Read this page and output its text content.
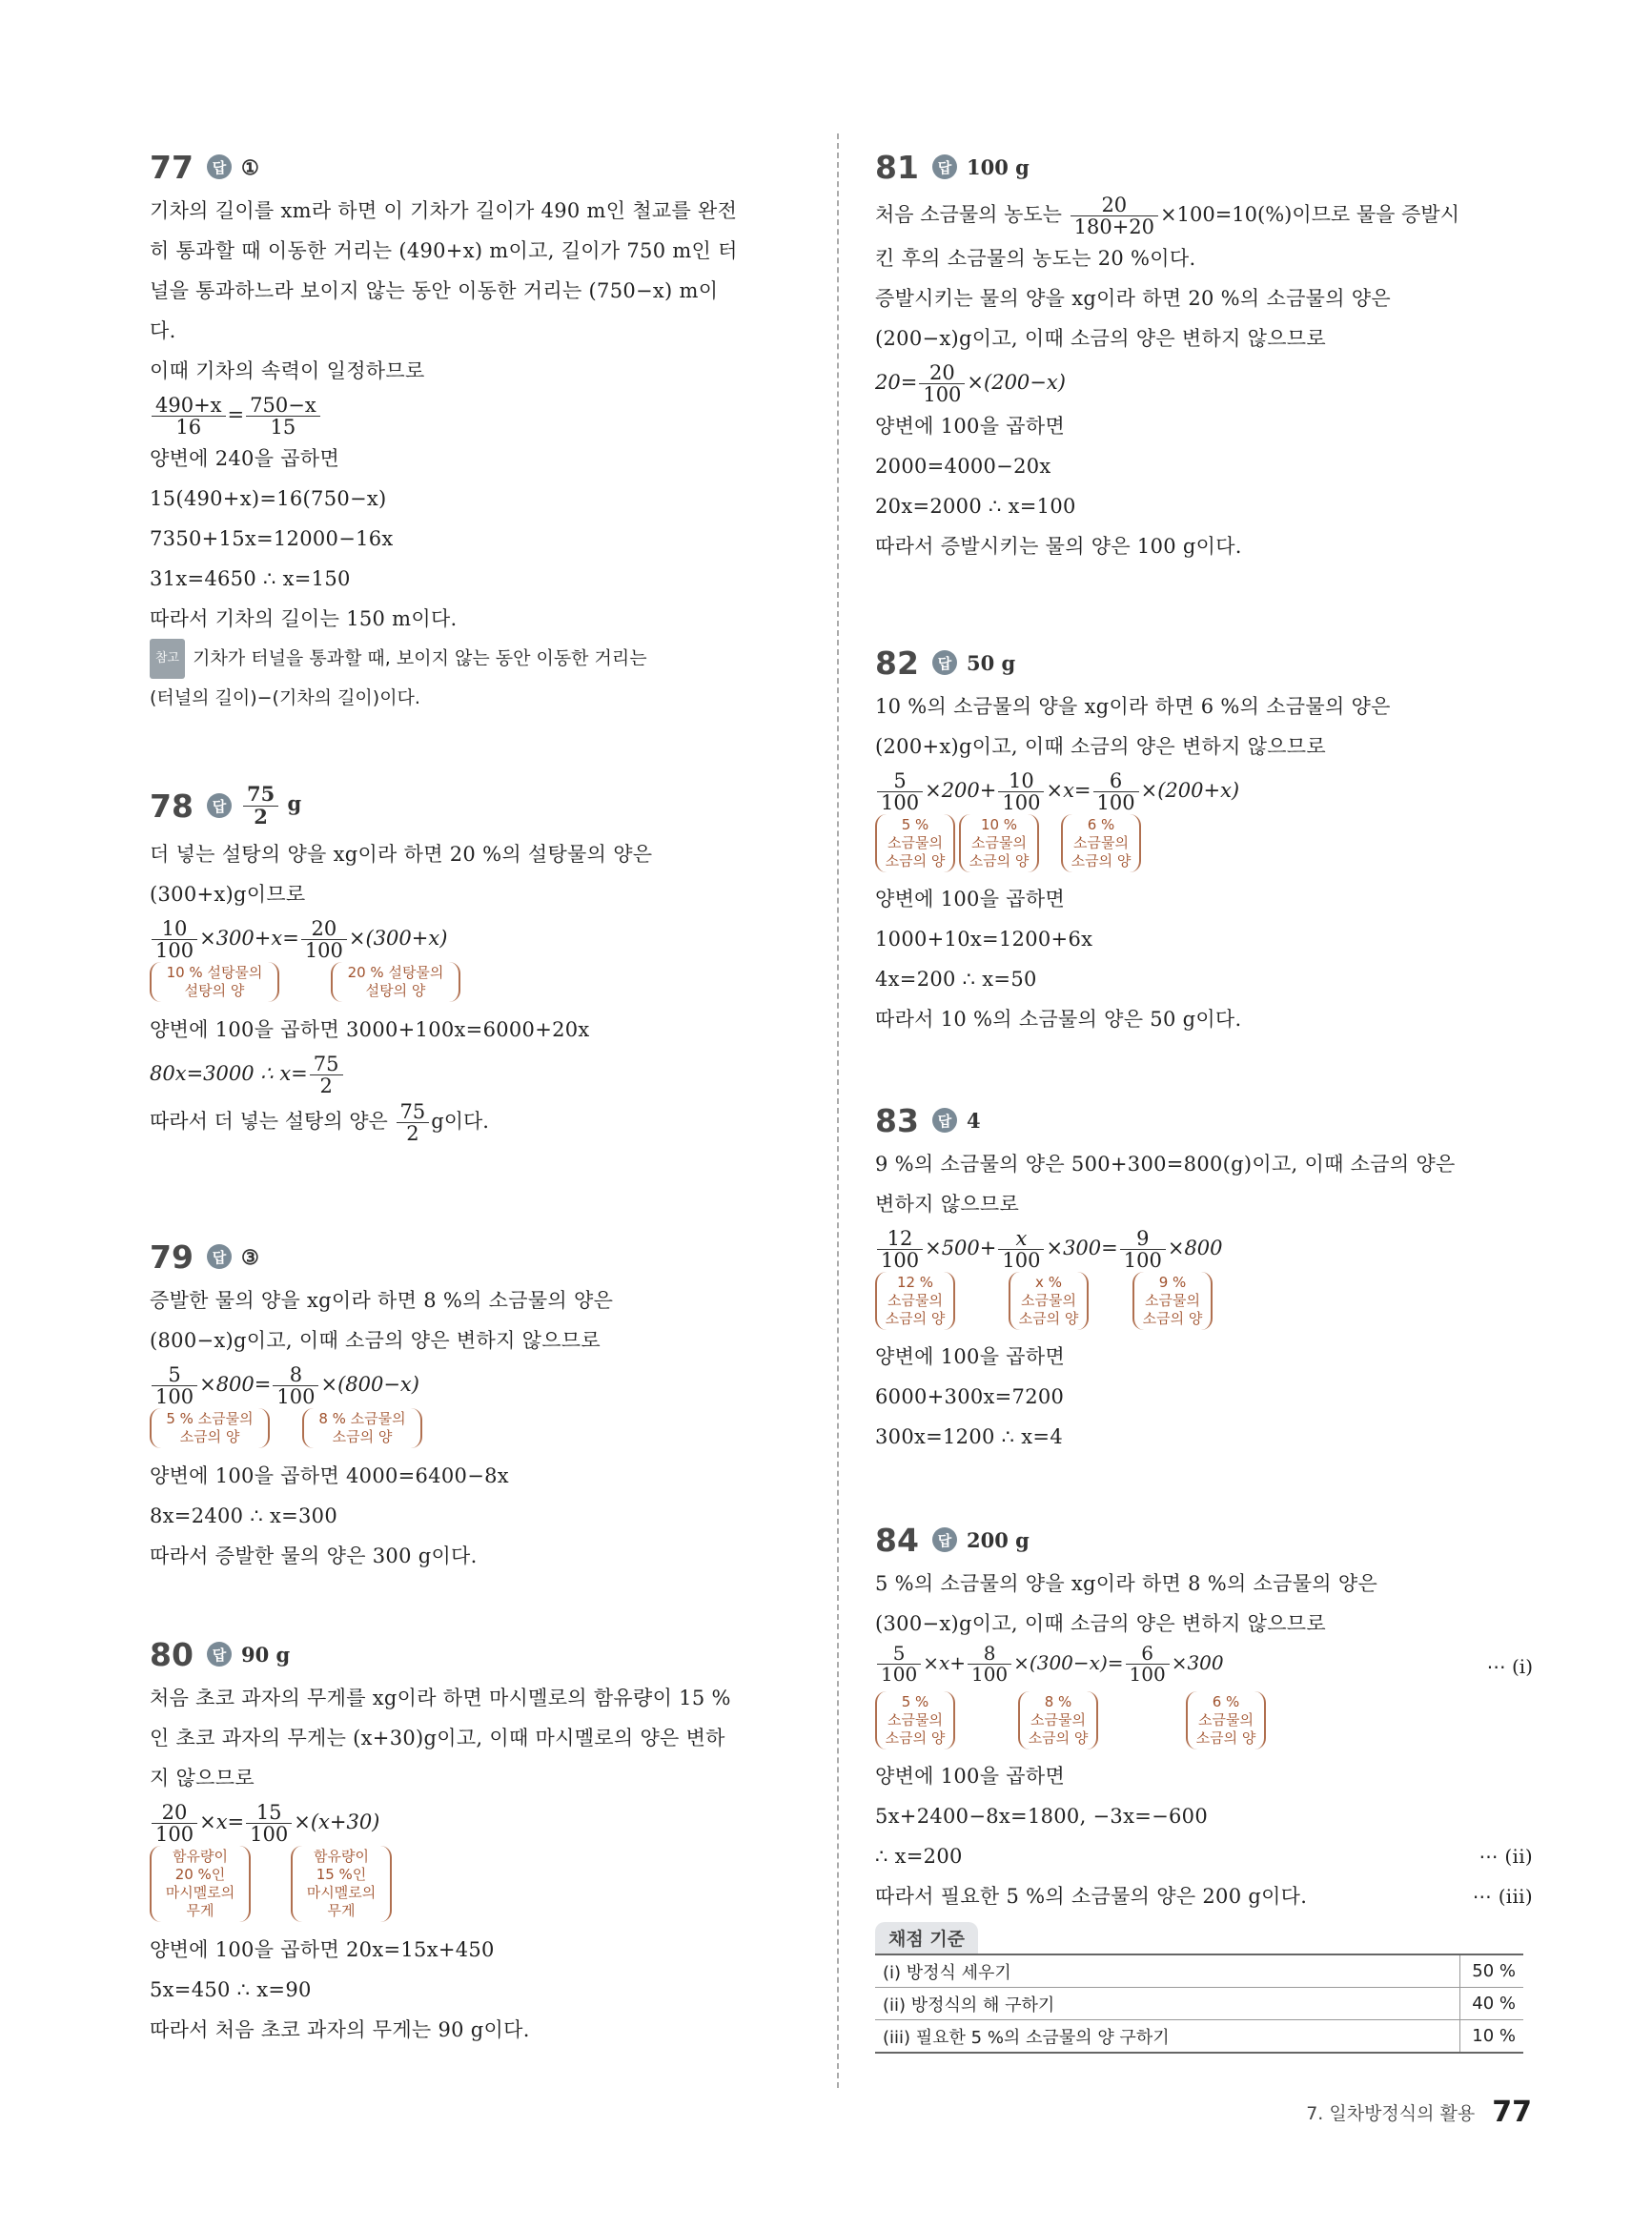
77	답 ①
기차의 길이를 xm라 하면 이 기차가 길이가 490 m인 철교를 완전
히 통과할 때 이동한 거리는 (490+x) m이고, 길이가 750 m인 터
널을 통과하느라 보이지 않는 동안 이동한 거리는 (750−x) m이
다.
이때 기차의 속력이 일정하므로
$\frac{490+x}{16} = \frac{750-x}{15}$
양변에 240을 곱하면
15(490+x)=16(750−x)
7350+15x=12000−16x
31x=4650 ∴ x=150
따라서 기차의 길이는 150 m이다.
참고 기차가 터널을 통과할 때, 보이지 않는 동안 이동한 거리는
(터널의 길이)−(기차의 길이)이다.
78	답 $\frac{75}{2}$ g
더 넣는 설탕의 양을 xg이라 하면 20 %의 설탕물의 양은
(300+x)g이므로
$\frac{10}{100} \times 300+x= \frac{20}{100} \times(300+x)$
10 % 설탕물의
설탕의 양
20 % 설탕물의
설탕의 양
양변에 100을 곱하면 3000+100x=6000+20x
80x=3000 ∴ $x= \frac{75}{2}$
따라서 더 넣는 설탕의 양은 $\frac{75}{2}$ g이다.
79	답 ③
증발한 물의 양을 xg이라 하면 8 %의 소금물의 양은
(800−x)g이고, 이때 소금의 양은 변하지 않으므로
$\frac{5}{100} \times 800= \frac{8}{100} \times(800-x)$
5 % 소금물의
소금의 양
8 % 소금물의
소금의 양
양변에 100을 곱하면 4000=6400−8x
8x=2400 ∴ x=300
따라서 증발한 물의 양은 300 g이다.
80	답 90 g
처음 초코 과자의 무게를 xg이라 하면 마시멜로의 함유량이 15 %
인 초코 과자의 무게는 (x+30)g이고, 이때 마시멜로의 양은 변하
지 않으므로
$\frac{20}{100} \times x= \frac{15}{100} \times(x+30)$
함유량이
20 %인
마시멜로의
무게
함유량이
15 %인
마시멜로의
무게
양변에 100을 곱하면 20x=15x+450
5x=450 ∴ x=90
따라서 처음 초코 과자의 무게는 90 g이다.
81	답 100 g
처음 소금물의 농도는 $\frac{20}{180+20} \times 100=10(\%)$이므로 물을 증발시
킨 후의 소금물의 농도는 20 %이다.
증발시키는 물의 양을 xg이라 하면 20 %의 소금물의 양은
(200−x)g이고, 이때 소금의 양은 변하지 않으므로
$20= \frac{20}{100} \times(200-x)$
양변에 100을 곱하면
2000=4000−20x
20x=2000 ∴ x=100
따라서 증발시키는 물의 양은 100 g이다.
82	답 50 g
10 %의 소금물의 양을 xg이라 하면 6 %의 소금물의 양은
(200+x)g이고, 이때 소금의 양은 변하지 않으므로
$\frac{5}{100} \times 200+ \frac{10}{100} \times x= \frac{6}{100} \times(200+x)$
5 %
소금물의
소금의 양
10 %
소금물의
소금의 양
6 %
소금물의
소금의 양
양변에 100을 곱하면
1000+10x=1200+6x
4x=200 ∴ x=50
따라서 10 %의 소금물의 양은 50 g이다.
83	답 4
9 %의 소금물의 양은 500+300=800(g)이고, 이때 소금의 양은
변하지 않으므로
$\frac{12}{100} \times 500+ \frac{x}{100} \times 300= \frac{9}{100} \times 800$
12 %
소금물의
소금의 양
x %
소금물의
소금의 양
9 %
소금물의
소금의 양
양변에 100을 곱하면
6000+300x=7200
300x=1200 ∴ x=4
84	답 200 g
5 %의 소금물의 양을 xg이라 하면 8 %의 소금물의 양은
(300−x)g이고, 이때 소금의 양은 변하지 않으므로
$\frac{5}{100} \times x+ \frac{8}{100} \times(300-x)= \frac{6}{100} \times 300$	⋯ (i)
5 %
소금물의
소금의 양
8 %
소금물의
소금의 양
6 %
소금물의
소금의 양
양변에 100을 곱하면
5x+2400−8x=1800, −3x=−600
∴ x=200	⋯ (ii)
따라서 필요한 5 %의 소금물의 양은 200 g이다.	⋯ (iii)
채점 기준
(i) 방정식 세우기	50 %
(ii) 방정식의 해 구하기	40 %
(iii) 필요한 5 %의 소금물의 양 구하기	10 %
7. 일차방정식의 활용 77
